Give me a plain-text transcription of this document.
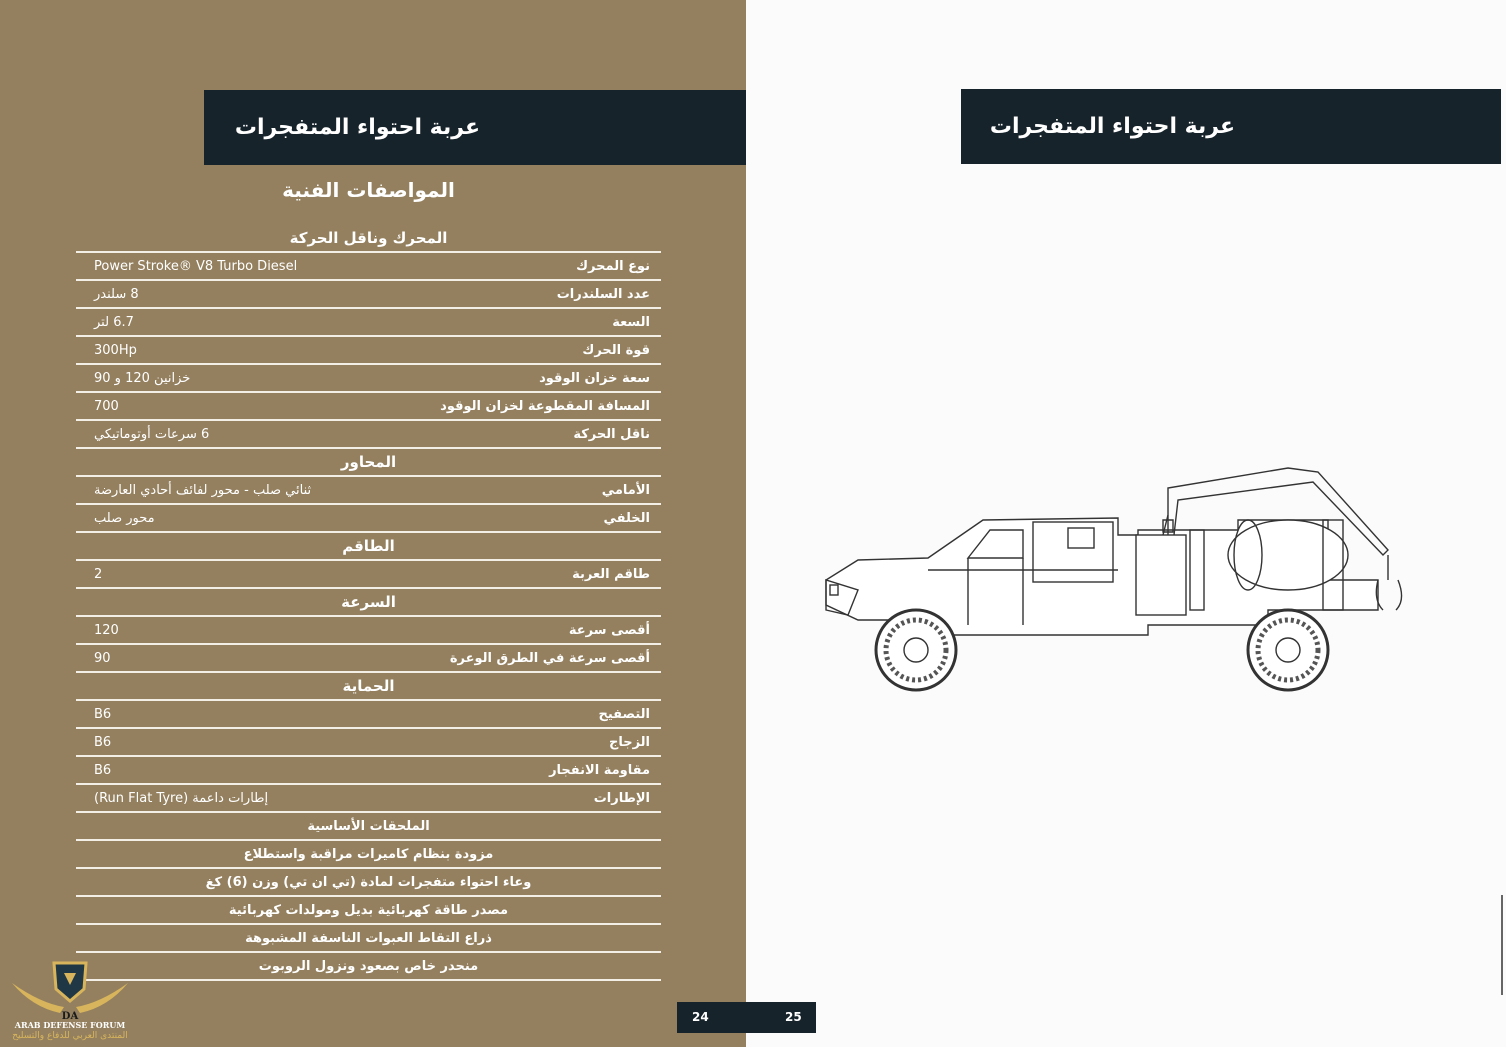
عربة احتواء المتفجرات
المواصفات الفنية
المحرك وناقل الحركة
Power Stroke® V8 Turbo Diesel	نوع المحرك
8 سلندر	عدد السلندرات
6.7 لتر	السعة
300Hp	قوة الحرك
خزانين 120 و 90	سعة خزان الوقود
700	المسافة المقطوعة لخزان الوقود
6 سرعات أوتوماتيكي	ناقل الحركة
المحاور
ثنائي صلب - محور لفائف أحادي العارضة	الأمامي
محور صلب	الخلفي
الطاقم
2	طاقم العربة
السرعة
120	أقصى سرعة
90	أقصى سرعة في الطرق الوعرة
الحماية
B6	التصفيح
B6	الزجاج
B6	مقاومة الانفجار
إطارات داعمة (Run Flat Tyre)	الإطارات
الملحقات الأساسية
مزودة بنظام كاميرات مراقبة واستطلاع
وعاء احتواء متفجرات لمادة (تي ان تي) وزن (6) كغ
مصدر طاقة كهربائية بديل ومولدات كهربائية
ذراع التقاط العبوات الناسفة المشبوهة
منحدر خاص بصعود ونزول الروبوت
DA
ARAB DEFENSE FORUM
المنتدى العربي للدفاع والتسليح
عربة احتواء المتفجرات
24	25
